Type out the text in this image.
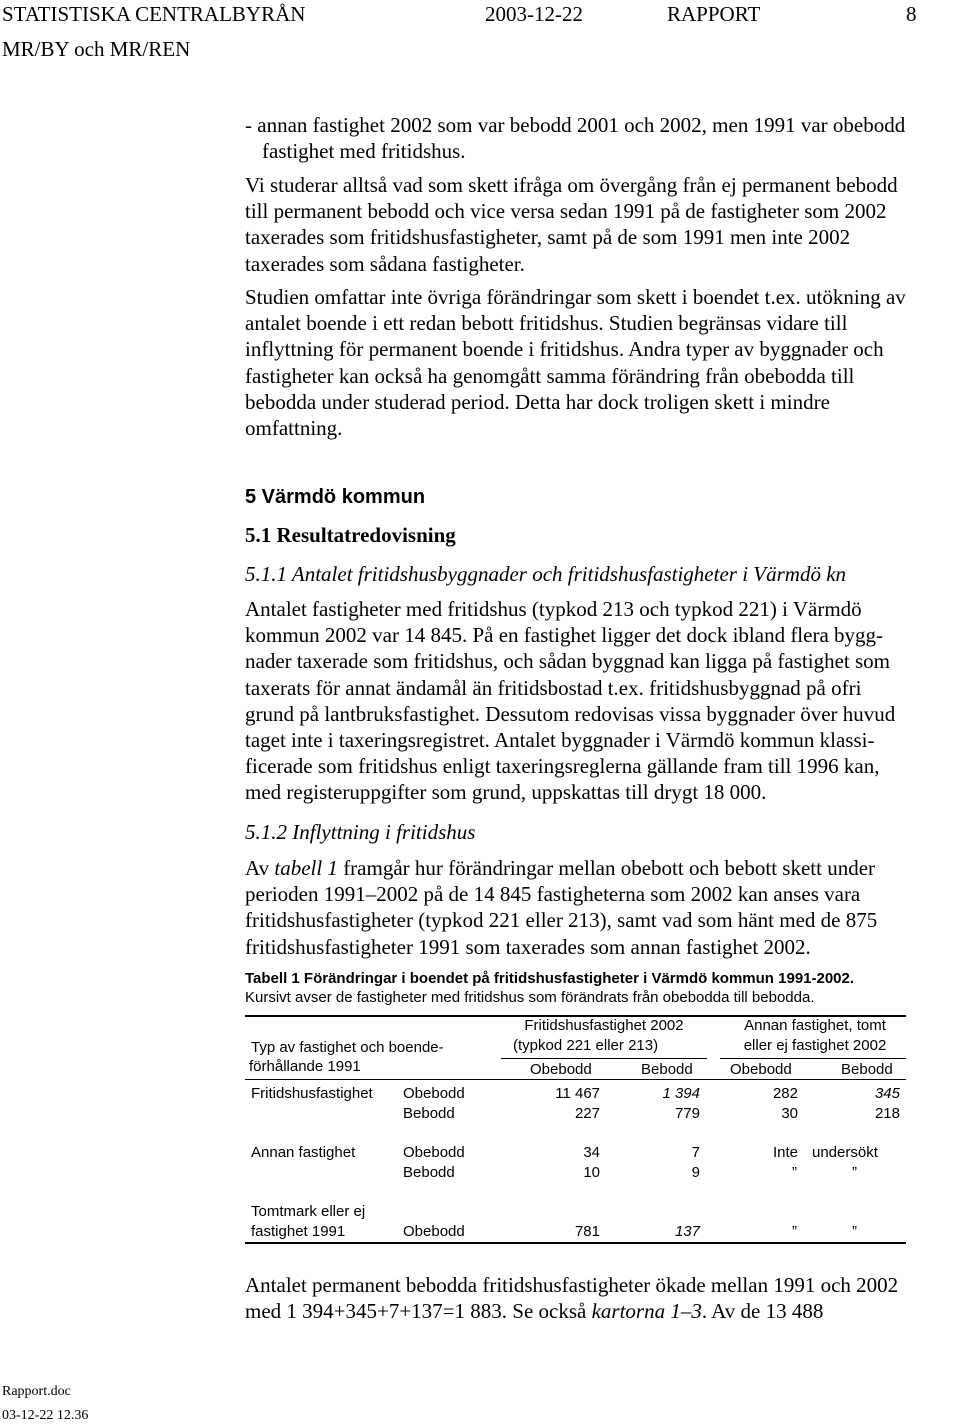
STATISTISKA CENTRALBYRÅN	2003-12-22	RAPPORT	8
MR/BY och MR/REN
- annan fastighet 2002 som var bebodd 2001 och 2002, men 1991 var obebodd
fastighet med fritidshus.
Vi studerar alltså vad som skett ifråga om övergång från ej permanent bebodd
till permanent bebodd och vice versa sedan 1991 på de fastigheter som 2002
taxerades som fritidshusfastigheter, samt på de som 1991 men inte 2002
taxerades som sådana fastigheter.
Studien omfattar inte övriga förändringar som skett i boendet t.ex. utökning av
antalet boende i ett redan bebott fritidshus. Studien begränsas vidare till
inflyttning för permanent boende i fritidshus. Andra typer av byggnader och
fastigheter kan också ha genomgått samma förändring från obebodda till
bebodda under studerad period. Detta har dock troligen skett i mindre
omfattning.
5 Värmdö kommun
5.1 Resultatredovisning
5.1.1 Antalet fritidshusbyggnader och fritidshusfastigheter i Värmdö kn
Antalet fastigheter med fritidshus (typkod 213 och typkod 221) i Värmdö
kommun 2002 var 14 845. På en fastighet ligger det dock ibland flera bygg-
nader taxerade som fritidshus, och sådan byggnad kan ligga på fastighet som
taxerats för annat ändamål än fritidsbostad t.ex. fritidshusbyggnad på ofri
grund på lantbruksfastighet. Dessutom redovisas vissa byggnader över huvud
taget inte i taxeringsregistret. Antalet byggnader i Värmdö kommun klassi-
ficerade som fritidshus enligt taxeringsreglerna gällande fram till 1996 kan,
med registeruppgifter som grund, uppskattas till drygt 18 000.
5.1.2 Inflyttning i fritidshus
Av tabell 1 framgår hur förändringar mellan obebott och bebott skett under
perioden 1991–2002 på de 14 845 fastigheterna som 2002 kan anses vara
fritidshusfastigheter (typkod 221 eller 213), samt vad som hänt med de 875
fritidshusfastigheter 1991 som taxerades som annan fastighet 2002.
Tabell 1 Förändringar i boendet på fritidshusfastigheter i Värmdö kommun 1991-2002.
Kursivt avser de fastigheter med fritidshus som förändrats från obebodda till bebodda.
Typ av fastighet och boende-
förhållande 1991
Fritidshusfastighet 2002
(typkod 221 eller 213)
Annan fastighet, tomt
eller ej fastighet 2002
Obebodd	Bebodd Obebodd	Bebodd
Fritidshusfastighet Obebodd	11 467	1 394	282	345
Bebodd	227	779	30	218
Annan fastighet	Obebodd	34	7	Inte undersökt
Bebodd	10	9	”	”
Tomtmark eller ej
fastighet 1991	Obebodd	781	137	”	”
Antalet permanent bebodda fritidshusfastigheter ökade mellan 1991 och 2002
med 1 394+345+7+137=1 883. Se också kartorna 1–3. Av de 13 488
Rapport.doc
03-12-22 12.36
